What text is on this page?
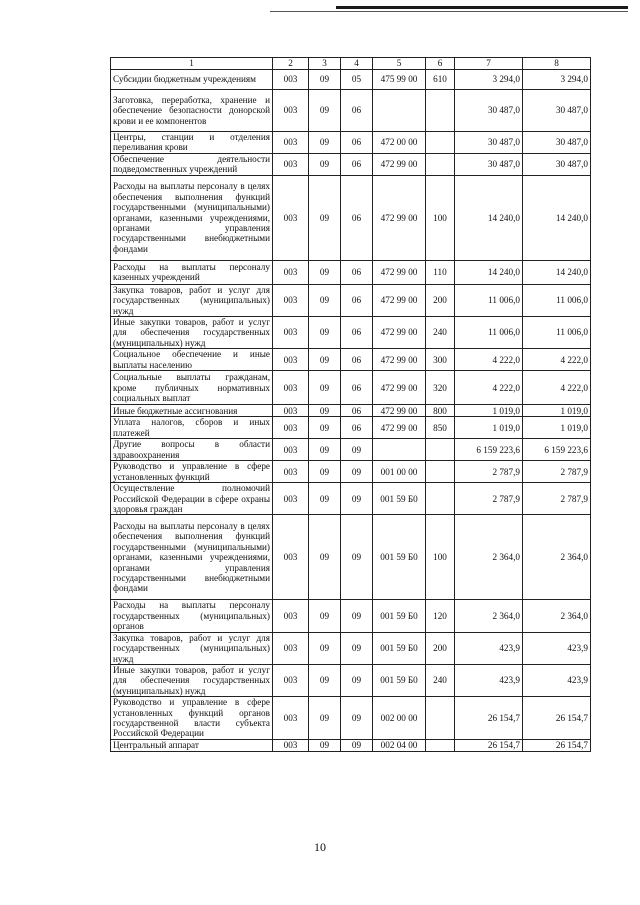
1	2	3	4	5	6	7	8
Субсидии бюджетным учреждениям	003	09	05	475 99 00	610	3 294,0	3 294,0
Заготовка, переработка, хранение и обеспечение безопасности донорской крови и ее компонентов	003	09	06			30 487,0	30 487,0
Центры, станции и отделения переливания крови	003	09	06	472 00 00		30 487,0	30 487,0
Обеспечение деятельности подведомственных учреждений	003	09	06	472 99 00		30 487,0	30 487,0
Расходы на выплаты персоналу в целях обеспечения выполнения функций государственными (муниципальными) органами, казенными учреждениями, органами управления государственными внебюджетными фондами	003	09	06	472 99 00	100	14 240,0	14 240,0
Расходы на выплаты персоналу казенных учреждений	003	09	06	472 99 00	110	14 240,0	14 240,0
Закупка товаров, работ и услуг для государственных (муниципальных) нужд	003	09	06	472 99 00	200	11 006,0	11 006,0
Иные закупки товаров, работ и услуг для обеспечения государственных (муниципальных) нужд	003	09	06	472 99 00	240	11 006,0	11 006,0
Социальное обеспечение и иные выплаты населению	003	09	06	472 99 00	300	4 222,0	4 222,0
Социальные выплаты гражданам, кроме публичных нормативных социальных выплат	003	09	06	472 99 00	320	4 222,0	4 222,0
Иные бюджетные ассигнования	003	09	06	472 99 00	800	1 019,0	1 019,0
Уплата налогов, сборов и иных платежей	003	09	06	472 99 00	850	1 019,0	1 019,0
Другие вопросы в области здравоохранения	003	09	09			6 159 223,6	6 159 223,6
Руководство и управление в сфере установленных функций	003	09	09	001 00 00		2 787,9	2 787,9
Осуществление полномочий Российской Федерации в сфере охраны здоровья граждан	003	09	09	001 59 Б0		2 787,9	2 787,9
Расходы на выплаты персоналу в целях обеспечения выполнения функций государственными (муниципальными) органами, казенными учреждениями, органами управления государственными внебюджетными фондами	003	09	09	001 59 Б0	100	2 364,0	2 364,0
Расходы на выплаты персоналу государственных (муниципальных) органов	003	09	09	001 59 Б0	120	2 364,0	2 364,0
Закупка товаров, работ и услуг для государственных (муниципальных) нужд	003	09	09	001 59 Б0	200	423,9	423,9
Иные закупки товаров, работ и услуг для обеспечения государственных (муниципальных) нужд	003	09	09	001 59 Б0	240	423,9	423,9
Руководство и управление в сфере установленных функций органов государственной власти субъекта Российской Федерации	003	09	09	002 00 00		26 154,7	26 154,7
Центральный аппарат	003	09	09	002 04 00		26 154,7	26 154,7
10
